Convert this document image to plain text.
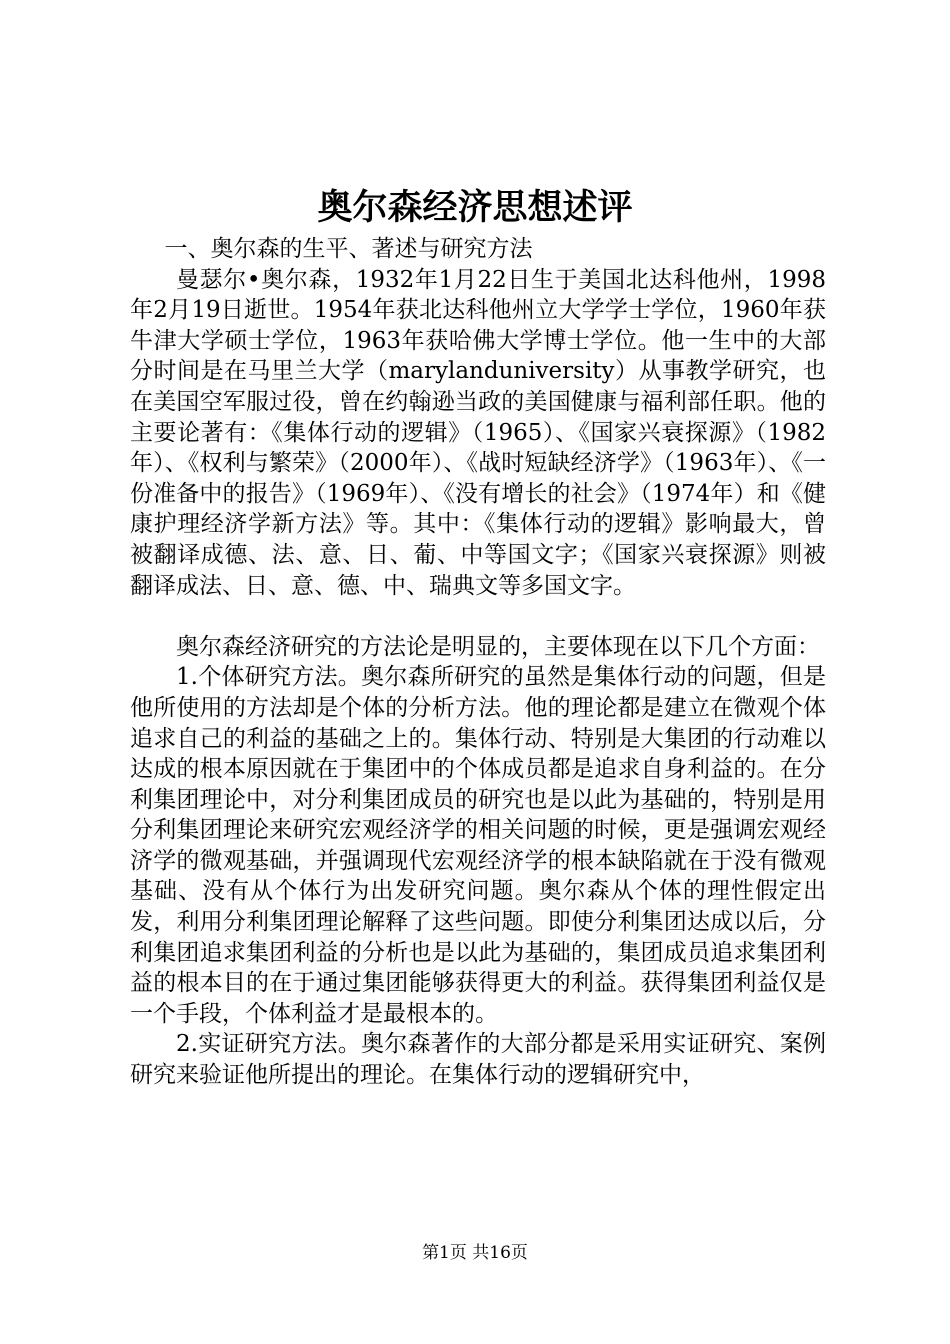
奥尔森经济思想述评

一、奥尔森的生平、著述与研究方法

曼瑟尔•奥尔森，1932年1月22日生于美国北达科他州，1998年2月19日逝世。1954年获北达科他州立大学学士学位，1960年获牛津大学硕士学位，1963年获哈佛大学博士学位。他一生中的大部分时间是在马里兰大学（marylanduniversity）从事教学研究，也在美国空军服过役，曾在约翰逊当政的美国健康与福利部任职。他的主要论著有：《集体行动的逻辑》（1965）、《国家兴衰探源》（1982年）、《权利与繁荣》（2000年）、《战时短缺经济学》（1963年）、《一份准备中的报告》（1969年）、《没有增长的社会》（1974年）和《健康护理经济学新方法》等。其中：《集体行动的逻辑》影响最大，曾被翻译成德、法、意、日、葡、中等国文字；《国家兴衰探源》则被翻译成法、日、意、德、中、瑞典文等多国文字。

奥尔森经济研究的方法论是明显的，主要体现在以下几个方面：

1.个体研究方法。奥尔森所研究的虽然是集体行动的问题，但是他所使用的方法却是个体的分析方法。他的理论都是建立在微观个体追求自己的利益的基础之上的。集体行动、特别是大集团的行动难以达成的根本原因就在于集团中的个体成员都是追求自身利益的。在分利集团理论中，对分利集团成员的研究也是以此为基础的，特别是用分利集团理论来研究宏观经济学的相关问题的时候，更是强调宏观经济学的微观基础，并强调现代宏观经济学的根本缺陷就在于没有微观基础、没有从个体行为出发研究问题。奥尔森从个体的理性假定出发，利用分利集团理论解释了这些问题。即使分利集团达成以后，分利集团追求集团利益的分析也是以此为基础的，集团成员追求集团利益的根本目的在于通过集团能够获得更大的利益。获得集团利益仅是一个手段，个体利益才是最根本的。

2.实证研究方法。奥尔森著作的大部分都是采用实证研究、案例研究来验证他所提出的理论。在集体行动的逻辑研究中，

第1页 共16页
